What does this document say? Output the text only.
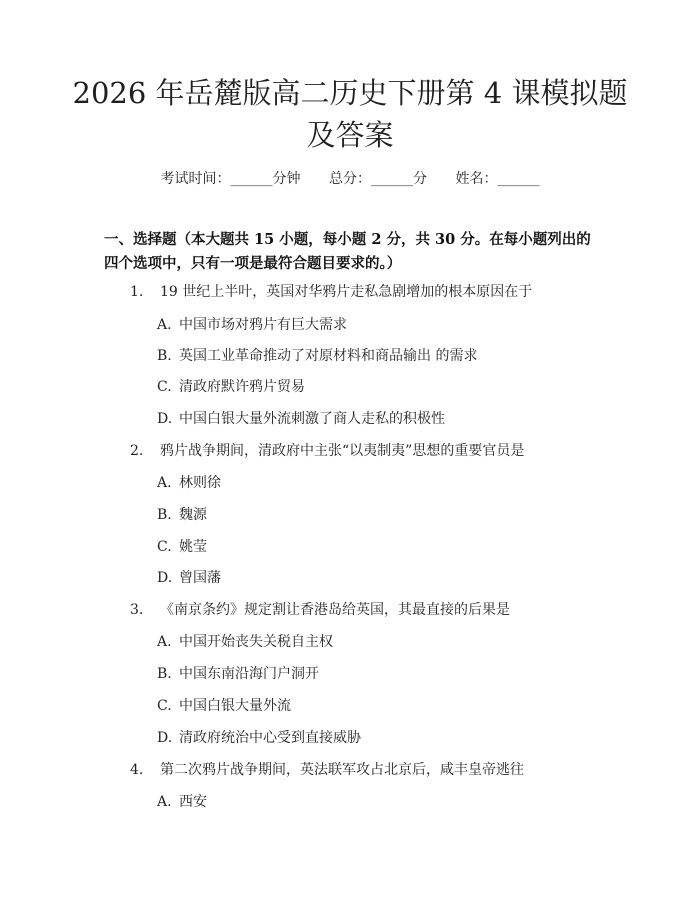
2026 年岳麓版高二历史下册第 4 课模拟题及答案
考试时间：______分钟 总分：______分 姓名：______
一、选择题（本大题共 15 小题，每小题 2 分，共 30 分。在每小题列出的四个选项中，只有一项是最符合题目要求的。）
1. 19 世纪上半叶，英国对华鸦片走私急剧增加的根本原因在于
A. 中国市场对鸦片有巨大需求
B. 英国工业革命推动了对原材料和商品输出 的需求
C. 清政府默许鸦片贸易
D. 中国白银大量外流刺激了商人走私的积极性
2. 鸦片战争期间，清政府中主张“以夷制夷”思想的重要官员是
A. 林则徐
B. 魏源
C. 姚莹
D. 曾国藩
3. 《南京条约》规定割让香港岛给英国，其最直接的后果是
A. 中国开始丧失关税自主权
B. 中国东南沿海门户洞开
C. 中国白银大量外流
D. 清政府统治中心受到直接威胁
4. 第二次鸦片战争期间，英法联军攻占北京后，咸丰皇帝逃往
A. 西安
